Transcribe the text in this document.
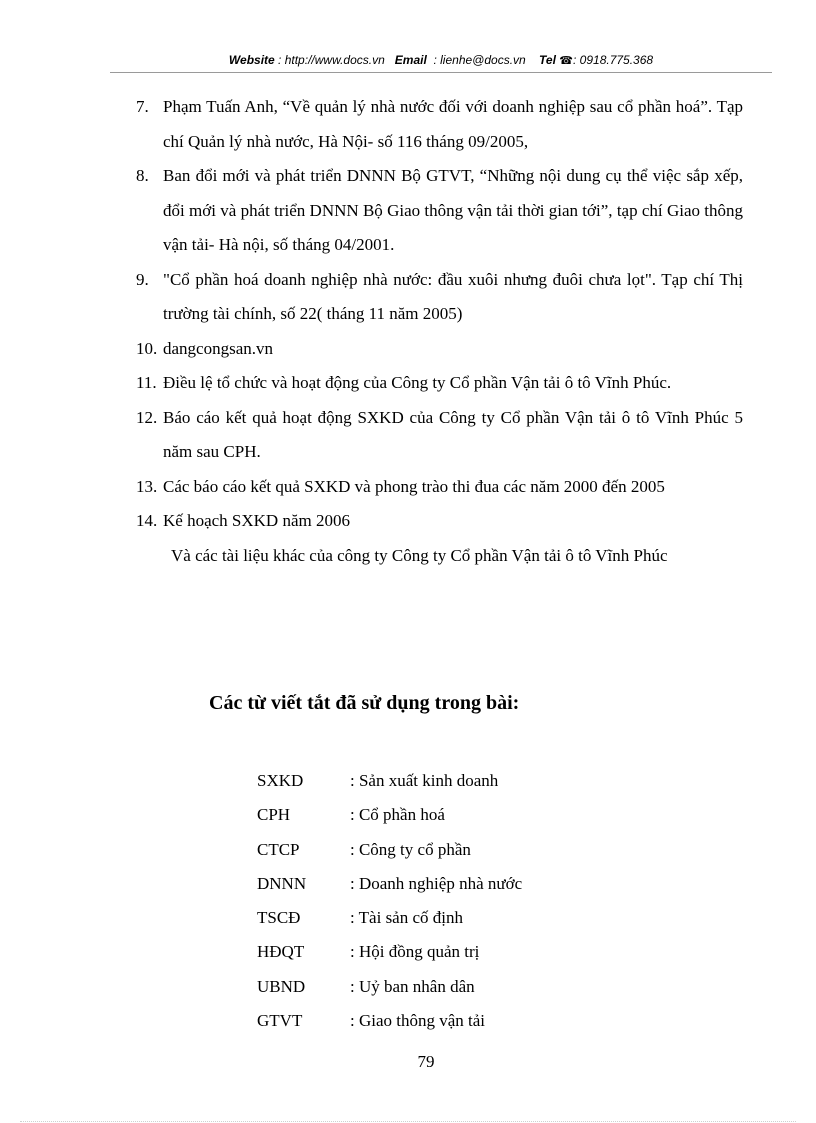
Website : http://www.docs.vn Email : lienhe@docs.vn Tel ☎: 0918.775.368
7. Phạm Tuấn Anh, “Về quản lý nhà nước đối với doanh nghiệp sau cổ phần hoá”. Tạp chí Quản lý nhà nước, Hà Nội- số 116 tháng 09/2005,
8. Ban đổi mới và phát triển DNNN Bộ GTVT, “Những nội dung cụ thể việc sắp xếp, đổi mới và phát triển DNNN Bộ Giao thông vận tải thời gian tới”, tạp chí Giao thông vận tải- Hà nội, số tháng 04/2001.
9. "Cổ phần hoá doanh nghiệp nhà nước: đầu xuôi nhưng đuôi chưa lọt". Tạp chí Thị trường tài chính, số 22( tháng 11 năm 2005)
10. dangcongsan.vn
11. Điều lệ tổ chức và hoạt động của Công ty Cổ phần Vận tải ô tô Vĩnh Phúc.
12. Báo cáo kết quả hoạt động SXKD của Công ty Cổ phần Vận tải ô tô Vĩnh Phúc 5 năm sau CPH.
13. Các báo cáo kết quả SXKD và phong trào thi đua các năm 2000 đến 2005
14. Kế hoạch SXKD năm 2006
Và các tài liệu khác của công ty Công ty Cổ phần Vận tải ô tô Vĩnh Phúc
Các từ viết tắt đã sử dụng trong bài:
SXKD	: Sản xuất kinh doanh
CPH	: Cổ phần hoá
CTCP	: Công ty cổ phần
DNNN	: Doanh nghiệp nhà nước
TSCĐ	: Tài sản cố định
HĐQT	: Hội đồng quản trị
UBND	: Uỷ ban nhân dân
GTVT	: Giao thông vận tải
79
